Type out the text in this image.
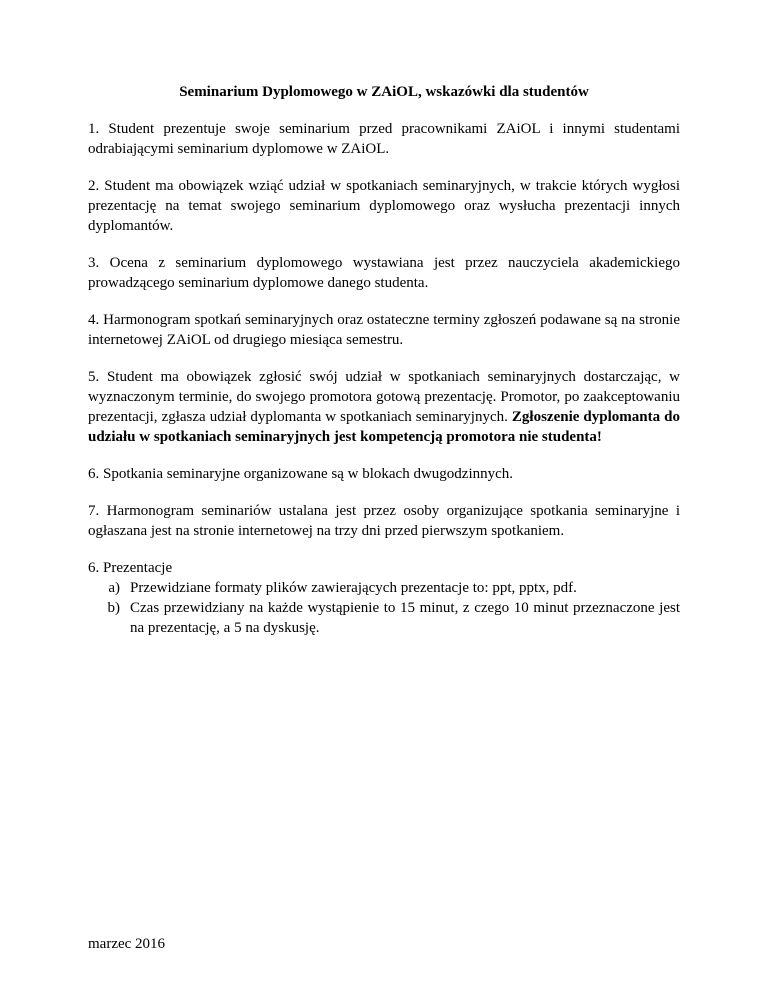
Seminarium Dyplomowego w ZAiOL, wskazówki dla studentów

1. Student prezentuje swoje seminarium przed pracownikami ZAiOL i innymi studentami odrabiającymi seminarium dyplomowe w ZAiOL.

2. Student ma obowiązek wziąć udział w spotkaniach seminaryjnych, w trakcie których wygłosi prezentację na temat swojego seminarium dyplomowego oraz wysłucha prezentacji innych dyplomantów.

3. Ocena z seminarium dyplomowego wystawiana jest przez nauczyciela akademickiego prowadzącego seminarium dyplomowe danego studenta.

4. Harmonogram spotkań seminaryjnych oraz ostateczne terminy zgłoszeń podawane są na stronie internetowej ZAiOL od drugiego miesiąca semestru.

5. Student ma obowiązek zgłosić swój udział w spotkaniach seminaryjnych dostarczając, w wyznaczonym terminie, do swojego promotora gotową prezentację. Promotor, po zaakceptowaniu prezentacji, zgłasza udział dyplomanta w spotkaniach seminaryjnych. Zgłoszenie dyplomanta do udziału w spotkaniach seminaryjnych jest kompetencją promotora nie studenta!

6. Spotkania seminaryjne organizowane są w blokach dwugodzinnych.

7. Harmonogram seminariów ustalana jest przez osoby organizujące spotkania seminaryjne i ogłaszana jest na stronie internetowej na trzy dni przed pierwszym spotkaniem.

6. Prezentacje

a) Przewidziane formaty plików zawierających prezentacje to: ppt, pptx, pdf.
b) Czas przewidziany na każde wystąpienie to 15 minut, z czego 10 minut przeznaczone jest na prezentację, a 5 na dyskusję.
marzec 2016
